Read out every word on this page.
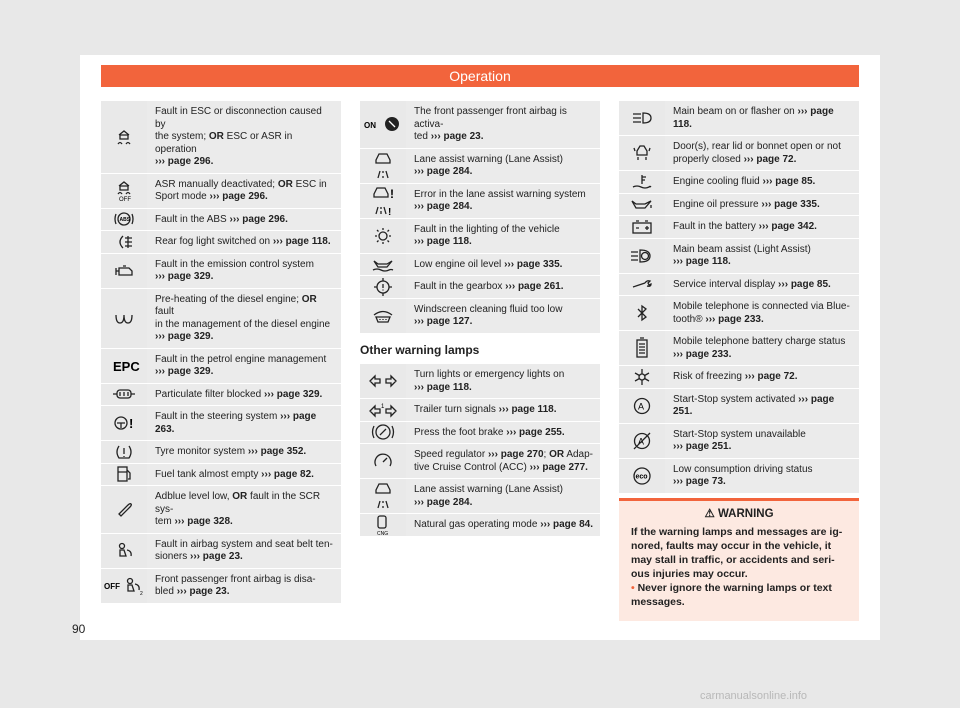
Operation
Fault in ESC or disconnection caused by
the system; OR ESC or ASR in operation
››› page 296.
OFF
ASR manually deactivated; OR ESC in
Sport mode ››› page 296.
ABS Fault in the ABS ››› page 296.
Rear fog light switched on ››› page 118.
Fault in the emission control system
››› page 329.
Pre-heating of the diesel engine; OR fault
in the management of the diesel engine
››› page 329.
EPC Fault in the petrol engine management
››› page 329.
Particulate filter blocked ››› page 329.
! Fault in the steering system ››› page 263.
Tyre monitor system ››› page 352.
Fuel tank almost empty ››› page 82.
Adblue level low, OR fault in the SCR sys-
tem ››› page 328.
Fault in airbag system and seat belt ten-
sioners ››› page 23.
OFF
2
Front passenger front airbag is disa-
bled ››› page 23.
ON
The front passenger front airbag is activa-
ted ››› page 23.
Lane assist warning (Lane Assist)
››› page 284.
!
!
Error in the lane assist warning system
››› page 284.
Fault in the lighting of the vehicle
››› page 118.
Low engine oil level ››› page 335.
Fault in the gearbox ››› page 261.
Windscreen cleaning fluid too low
››› page 127.
Other warning lamps
Turn lights or emergency lights on
››› page 118.
1	Trailer turn signals ››› page 118.
Press the foot brake ››› page 255.
Speed regulator ››› page 270; OR Adap-
tive Cruise Control (ACC) ››› page 277.
Lane assist warning (Lane Assist)
››› page 284.
CNG
Natural gas operating mode ››› page 84.
Main beam on or flasher on ››› page 118.
Door(s), rear lid or bonnet open or not
properly closed ››› page 72.
Engine cooling fluid ››› page 85.
Engine oil pressure ››› page 335.
Fault in the battery ››› page 342.
Main beam assist (Light Assist)
››› page 118.
Service interval display ››› page 85.
Mobile telephone is connected via Blue-
tooth® ››› page 233.
Mobile telephone battery charge status
››› page 233.
Risk of freezing ››› page 72.
A
Start-Stop system activated ››› page 251.
A
Start-Stop system unavailable
››› page 251.
eco
Low consumption driving status
››› page 73.
⚠ WARNING
If the warning lamps and messages are ig-
nored, faults may occur in the vehicle, it
may stall in traffic, or accidents and seri-
ous injuries may occur.
• Never ignore the warning lamps or text
messages.
90
carmanualsonline.info
